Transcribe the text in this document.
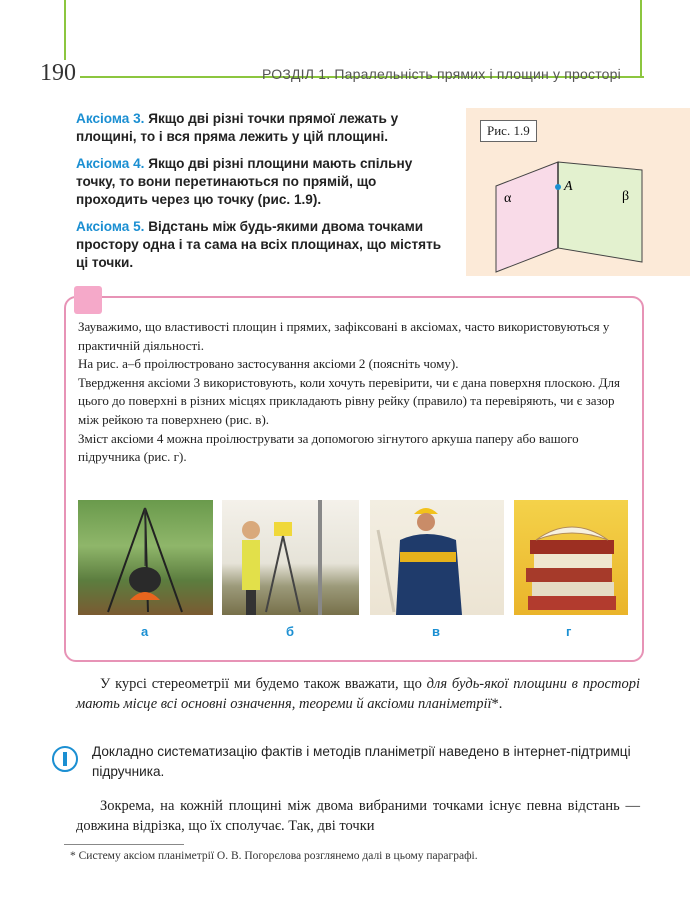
190	РОЗДІЛ 1. Паралельність прямих і площин у просторі

Аксіома 3. Якщо дві різні точки прямої лежать у площині, то і вся пряма лежить у цій площині.

Аксіома 4. Якщо дві різні площини мають спільну точку, то вони перетинаються по прямій, що проходить через цю точку (рис. 1.9).

Аксіома 5. Відстань між будь-якими двома точками простору одна і та сама на всіх площинах, що містять ці точки.

Рис. 1.9
α
A
β

Зауважимо, що властивості площин і прямих, зафіксовані в аксіомах, часто використовуються у практичній діяльності.

На рис. а–б проілюстровано застосування аксіоми 2 (поясніть чому).

Твердження аксіоми 3 використовують, коли хочуть перевірити, чи є дана поверхня плоскою. Для цього до поверхні в різних місцях прикладають рівну рейку (правило) та перевіряють, чи є зазор між рейкою та поверхнею (рис. в).

Зміст аксіоми 4 можна проілюструвати за допомогою зігнутого аркуша паперу або вашого підручника (рис. г).

а	б	в	г

У курсі стереометрії ми будемо також вважати, що для будь-якої площини в просторі мають місце всі основні означення, теореми й аксіоми планіметрії*.

Докладно систематизацію фактів і методів планіметрії наведено в інтернет-підтримці підручника.

Зокрема, на кожній площині між двома вибраними точками існує певна відстань — довжина відрізка, що їх сполучає. Так, дві точки

* Систему аксіом планіметрії О. В. Погорєлова розглянемо далі в цьому параграфі.
